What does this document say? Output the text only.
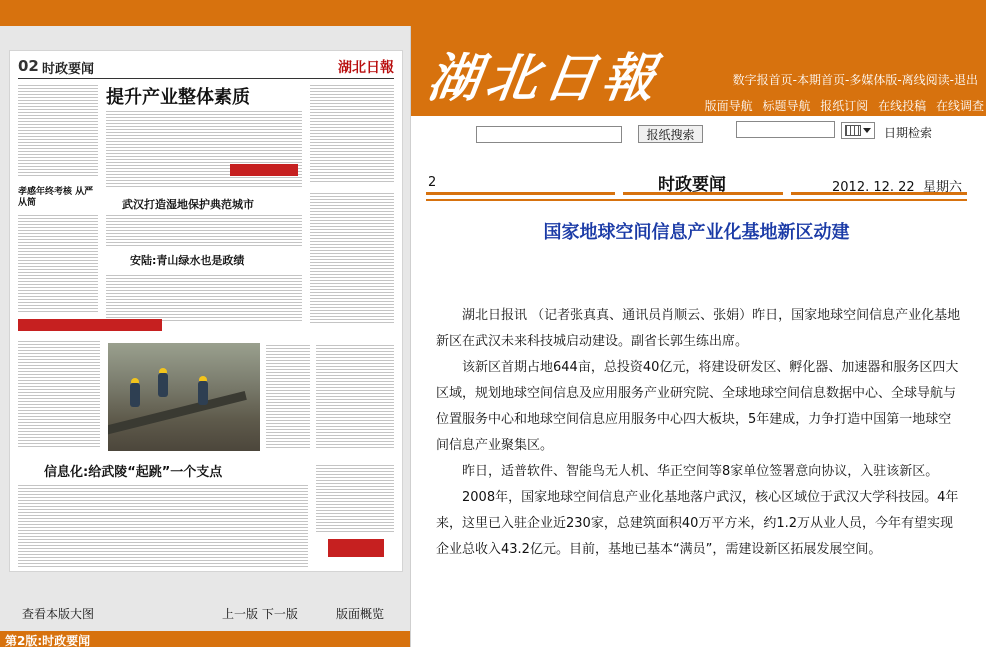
02 时政要闻	湖北日報
提升产业整体素质
孝感年终考核 从严从简	武汉打造湿地保护典范城市
安陆:青山绿水也是政绩
信息化:给武陵“起跳”一个支点
查看本版大图	上一版 下一版	版面概览
第2版:时政要闻
湖北日報	数字报首页-本期首页-多媒体版-离线阅读-退出
版面导航 标题导航 报纸订阅 在线投稿 在线调查
报纸搜索	日期检索
2	时政要闻	2012. 12. 22 星期六
国家地球空间信息产业化基地新区动建

湖北日报讯 （记者张真真、通讯员肖顺云、张娟）昨日，国家地球空间信息产业化基地新区在武汉未来科技城启动建设。副省长郭生练出席。

该新区首期占地644亩，总投资40亿元，将建设研发区、孵化器、加速器和服务区四大区域，规划地球空间信息及应用服务产业研究院、全球地球空间信息数据中心、全球导航与位置服务中心和地球空间信息应用服务中心四大板块，5年建成，力争打造中国第一地球空间信息产业聚集区。

昨日，适普软件、智能鸟无人机、华正空间等8家单位签署意向协议，入驻该新区。

2008年，国家地球空间信息产业化基地落户武汉，核心区域位于武汉大学科技园。4年来，这里已入驻企业近230家，总建筑面积40万平方米，约1.2万从业人员，今年有望实现企业总收入43.2亿元。目前，基地已基本“满员”，需建设新区拓展发展空间。
